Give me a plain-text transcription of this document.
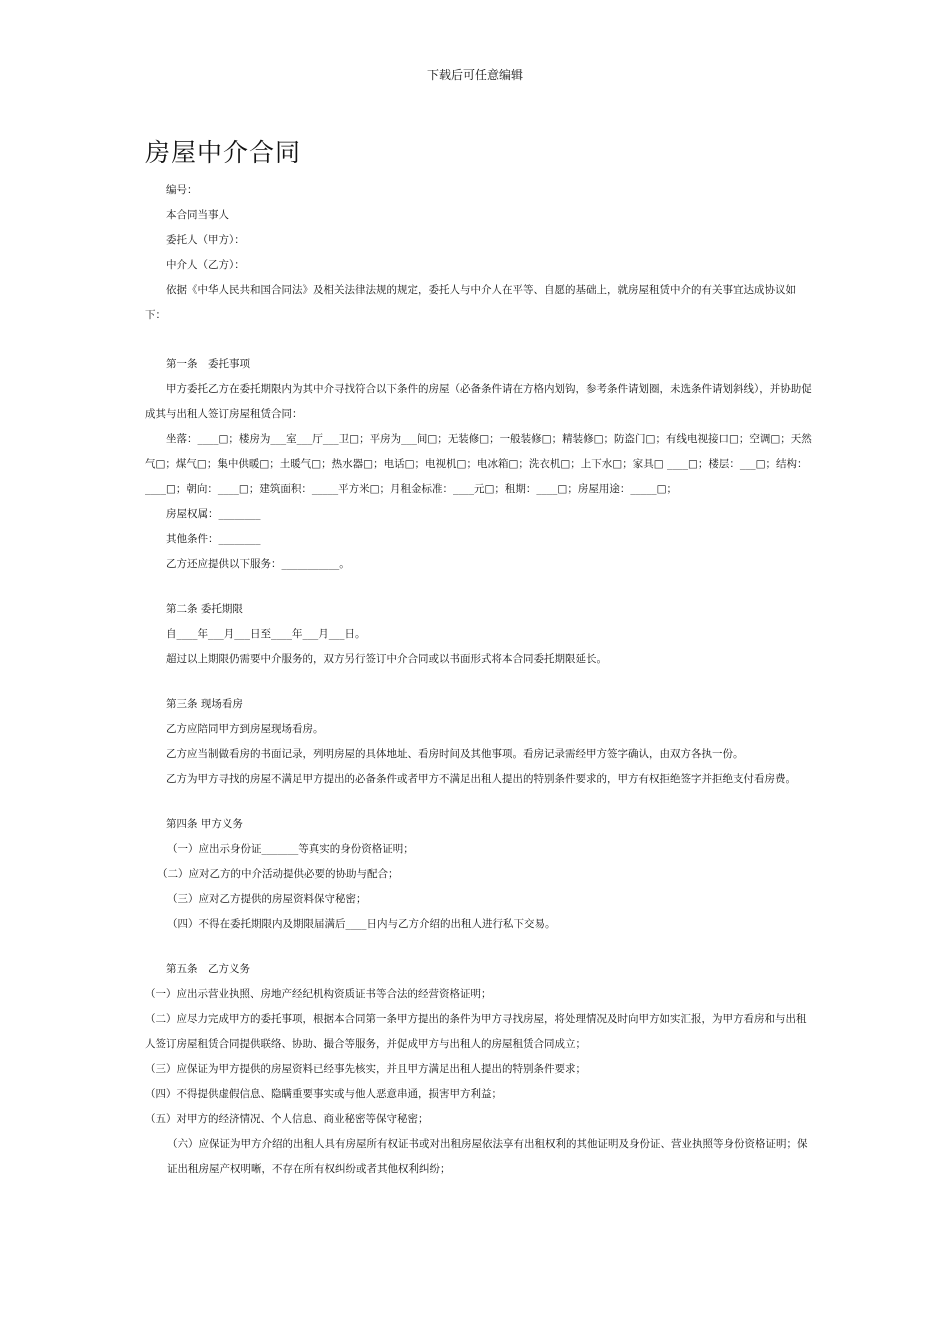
下载后可任意编辑
房屋中介合同

编号：

本合同当事人

委托人（甲方）：

中介人（乙方）：

依据《中华人民共和国合同法》及相关法律法规的规定，委托人与中介人在平等、自愿的基础上，就房屋租赁中介的有关事宜达成协议如下：

第一条　委托事项

甲方委托乙方在委托期限内为其中介寻找符合以下条件的房屋（必备条件请在方格内划钩，参考条件请划圈，未选条件请划斜线），并协助促成其与出租人签订房屋租赁合同：

坐落：____□；楼房为___室___厅___卫□；平房为___间□；无装修□；一般装修□；精装修□；防盗门□；有线电视接口□；空调□；天然气□；煤气□；集中供暖□；土暖气□；热水器□；电话□；电视机□；电冰箱□；洗衣机□；上下水□；家具□ ____□；楼层：___□；结构：____□；朝向：____□；建筑面积：_____平方米□；月租金标准：____元□；租期：____□；房屋用途：_____□；

房屋权属：________

其他条件：________

乙方还应提供以下服务：___________。

第二条 委托期限

自____年___月___日至____年___月___日。

超过以上期限仍需要中介服务的，双方另行签订中介合同或以书面形式将本合同委托期限延长。

第三条 现场看房

乙方应陪同甲方到房屋现场看房。

乙方应当制做看房的书面记录，列明房屋的具体地址、看房时间及其他事项。看房记录需经甲方签字确认，由双方各执一份。

乙方为甲方寻找的房屋不满足甲方提出的必备条件或者甲方不满足出租人提出的特别条件要求的，甲方有权拒绝签字并拒绝支付看房费。

第四条 甲方义务

（一）应出示身份证_______等真实的身份资格证明；

（二）应对乙方的中介活动提供必要的协助与配合；

（三）应对乙方提供的房屋资料保守秘密；

（四）不得在委托期限内及期限届满后____日内与乙方介绍的出租人进行私下交易。

第五条　乙方义务

（一）应出示营业执照、房地产经纪机构资质证书等合法的经营资格证明；

（二）应尽力完成甲方的委托事项，根据本合同第一条甲方提出的条件为甲方寻找房屋，将处理情况及时向甲方如实汇报，为甲方看房和与出租人签订房屋租赁合同提供联络、协助、撮合等服务，并促成甲方与出租人的房屋租赁合同成立；

（三）应保证为甲方提供的房屋资料已经事先核实，并且甲方满足出租人提出的特别条件要求；

（四）不得提供虚假信息、隐瞒重要事实或与他人恶意串通，损害甲方利益；

（五）对甲方的经济情况、个人信息、商业秘密等保守秘密；

（六）应保证为甲方介绍的出租人具有房屋所有权证书或对出租房屋依法享有出租权利的其他证明及身份证、营业执照等身份资格证明；保证出租房屋产权明晰，不存在所有权纠纷或者其他权利纠纷；
